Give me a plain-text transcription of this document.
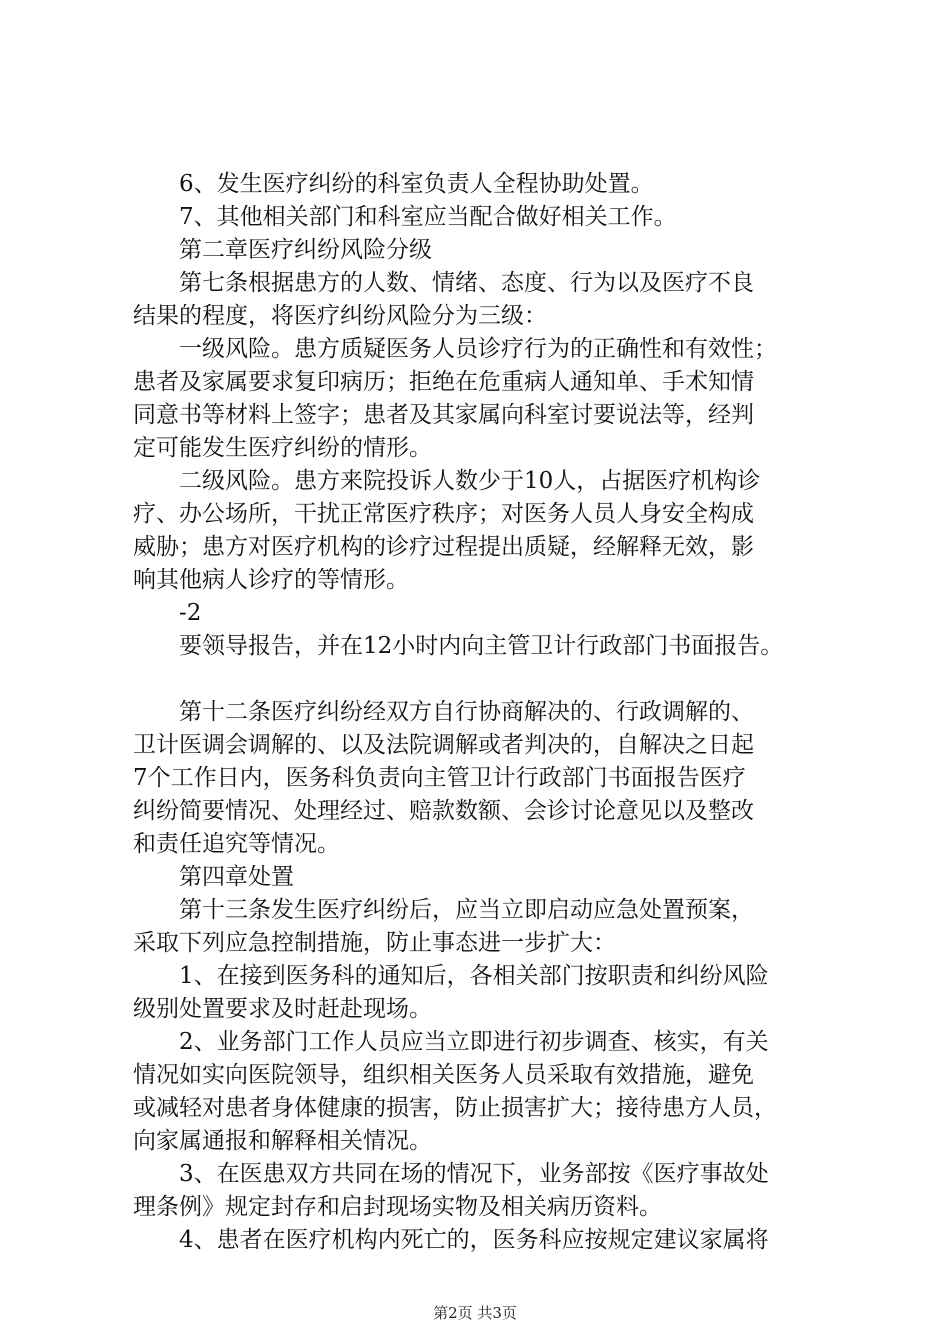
6、发生医疗纠纷的科室负责人全程协助处置。
7、其他相关部门和科室应当配合做好相关工作。
第二章医疗纠纷风险分级
第七条根据患方的人数、情绪、态度、行为以及医疗不良
结果的程度，将医疗纠纷风险分为三级：
一级风险。患方质疑医务人员诊疗行为的正确性和有效性；
患者及家属要求复印病历；拒绝在危重病人通知单、手术知情
同意书等材料上签字；患者及其家属向科室讨要说法等，经判
定可能发生医疗纠纷的情形。
二级风险。患方来院投诉人数少于10人，占据医疗机构诊
疗、办公场所，干扰正常医疗秩序；对医务人员人身安全构成
威胁；患方对医疗机构的诊疗过程提出质疑，经解释无效，影
响其他病人诊疗的等情形。
-2
要领导报告，并在12小时内向主管卫计行政部门书面报告。
第十二条医疗纠纷经双方自行协商解决的、行政调解的、
卫计医调会调解的、以及法院调解或者判决的，自解决之日起
7个工作日内，医务科负责向主管卫计行政部门书面报告医疗
纠纷简要情况、处理经过、赔款数额、会诊讨论意见以及整改
和责任追究等情况。
第四章处置
第十三条发生医疗纠纷后，应当立即启动应急处置预案，
采取下列应急控制措施，防止事态进一步扩大：
1、在接到医务科的通知后，各相关部门按职责和纠纷风险
级别处置要求及时赶赴现场。
2、业务部门工作人员应当立即进行初步调查、核实，有关
情况如实向医院领导，组织相关医务人员采取有效措施，避免
或减轻对患者身体健康的损害，防止损害扩大；接待患方人员，
向家属通报和解释相关情况。
3、在医患双方共同在场的情况下，业务部按《医疗事故处
理条例》规定封存和启封现场实物及相关病历资料。
4、患者在医疗机构内死亡的，医务科应按规定建议家属将
第2页 共3页
